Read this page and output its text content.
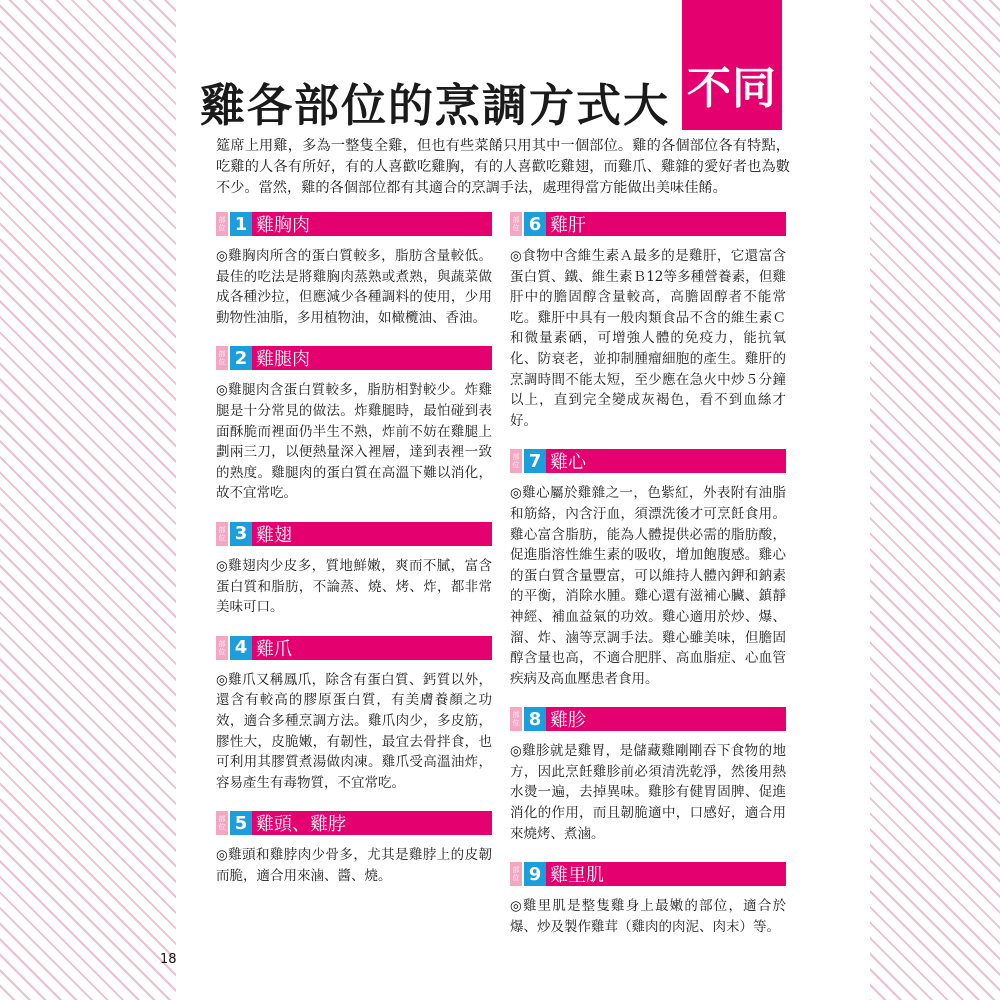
不同
雞各部位的烹調方式大
筵席上用雞，多為一整隻全雞，但也有些菜餚只用其中一個部位。雞的各個部位各有特點，吃雞的人各有所好，有的人喜歡吃雞胸，有的人喜歡吃雞翅，而雞爪、雞雜的愛好者也為數不少。當然，雞的各個部位都有其適合的烹調手法，處理得當方能做出美味佳餚。
部位 1 雞胸肉
◎雞胸肉所含的蛋白質較多，脂肪含量較低。最佳的吃法是將雞胸肉蒸熟或煮熟，與蔬菜做成各種沙拉，但應減少各種調料的使用，少用動物性油脂，多用植物油，如橄欖油、香油。
部位 2 雞腿肉
◎雞腿肉含蛋白質較多，脂肪相對較少。炸雞腿是十分常見的做法。炸雞腿時，最怕碰到表面酥脆而裡面仍半生不熟，炸前不妨在雞腿上劃兩三刀，以便熱量深入裡層，達到表裡一致的熟度。雞腿肉的蛋白質在高溫下難以消化，故不宜常吃。
部位 3 雞翅
◎雞翅肉少皮多，質地鮮嫩，爽而不膩，富含蛋白質和脂肪，不論蒸、燒、烤、炸，都非常美味可口。
部位 4 雞爪
◎雞爪又稱鳳爪，除含有蛋白質、鈣質以外，還含有較高的膠原蛋白質，有美膚養顏之功效，適合多種烹調方法。雞爪肉少，多皮筋，膠性大，皮脆嫩，有韌性，最宜去骨拌食，也可利用其膠質煮湯做肉凍。雞爪受高溫油炸，容易產生有毒物質，不宜常吃。
部位 5 雞頭、雞脖
◎雞頭和雞脖肉少骨多，尤其是雞脖上的皮韌而脆，適合用來滷、醬、燒。
部位 6 雞肝
◎食物中含維生素Ａ最多的是雞肝，它還富含蛋白質、鐵、維生素Ｂ12等多種營養素，但雞肝中的膽固醇含量較高，高膽固醇者不能常吃。雞肝中具有一般肉類食品不含的維生素Ｃ和微量素硒，可增強人體的免疫力，能抗氧化、防衰老，並抑制腫瘤細胞的產生。雞肝的烹調時間不能太短，至少應在急火中炒５分鐘以上，直到完全變成灰褐色，看不到血絲才好。
部位 7 雞心
◎雞心屬於雞雜之一，色紫紅，外表附有油脂和筋絡，內含汙血，須漂洗後才可烹飪食用。雞心富含脂肪，能為人體提供必需的脂肪酸，促進脂溶性維生素的吸收，增加飽腹感。雞心的蛋白質含量豐富，可以維持人體內鉀和鈉素的平衡，消除水腫。雞心還有滋補心臟、鎮靜神經、補血益氣的功效。雞心適用於炒、爆、溜、炸、滷等烹調手法。雞心雖美味，但膽固醇含量也高，不適合肥胖、高血脂症、心血管疾病及高血壓患者食用。
部位 8 雞胗
◎雞胗就是雞胃，是儲藏雞剛剛吞下食物的地方，因此烹飪雞胗前必須清洗乾淨，然後用熱水燙一遍，去掉異味。雞胗有健胃固脾、促進消化的作用，而且韌脆適中，口感好，適合用來燒烤、煮滷。
部位 9 雞里肌
◎雞里肌是整隻雞身上最嫩的部位，適合於爆、炒及製作雞茸（雞肉的肉泥、肉末）等。
18
